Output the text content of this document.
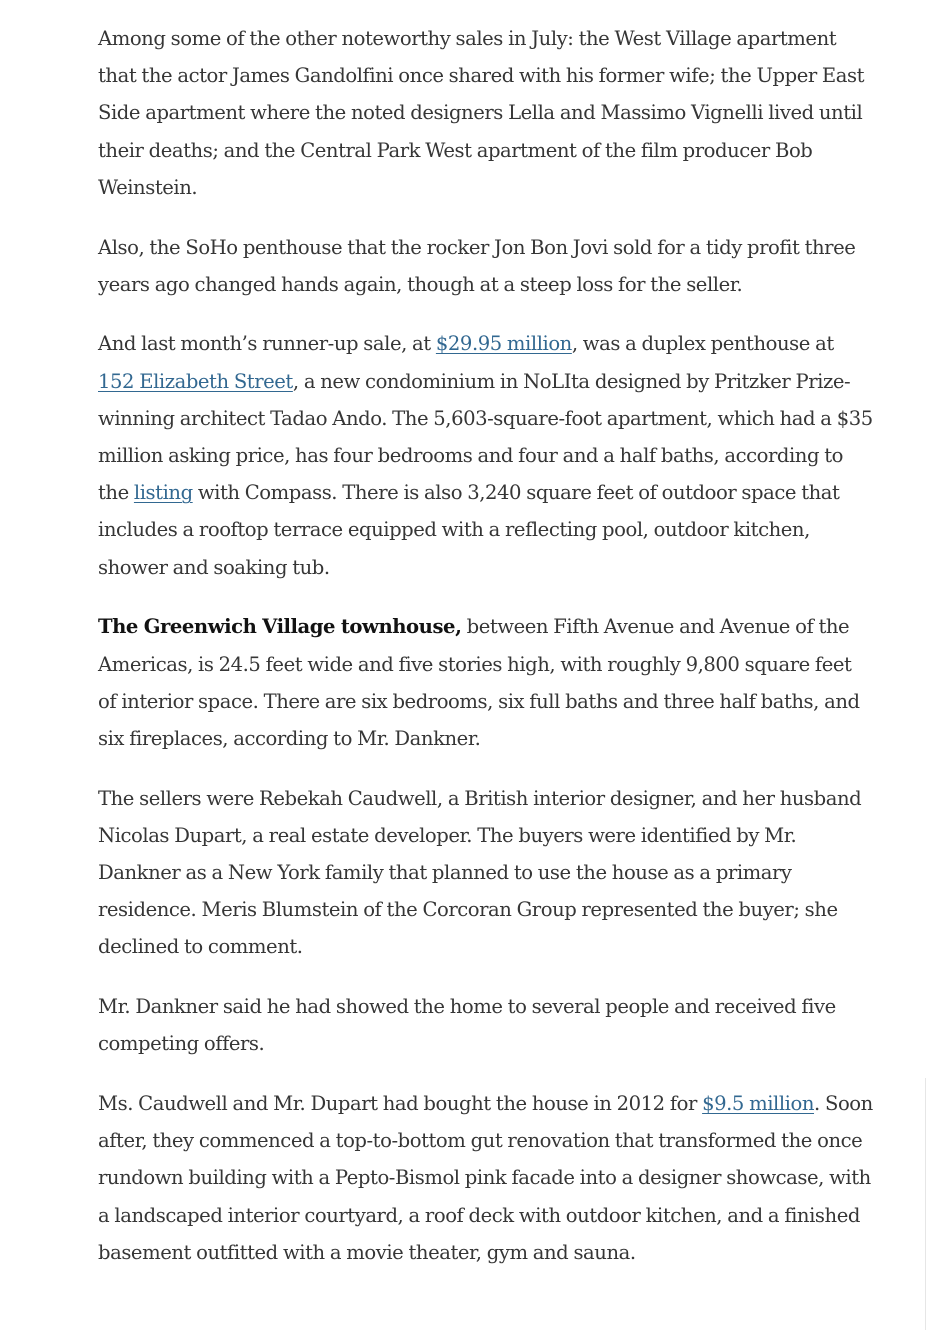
Among some of the other noteworthy sales in July: the West Village apartment that the actor James Gandolfini once shared with his former wife; the Upper East Side apartment where the noted designers Lella and Massimo Vignelli lived until their deaths; and the Central Park West apartment of the film producer Bob Weinstein.

Also, the SoHo penthouse that the rocker Jon Bon Jovi sold for a tidy profit three years ago changed hands again, though at a steep loss for the seller.

And last month’s runner-up sale, at $29.95 million, was a duplex penthouse at 152 Elizabeth Street, a new condominium in NoLIta designed by Pritzker Prize-winning architect Tadao Ando. The 5,603-square-foot apartment, which had a $35 million asking price, has four bedrooms and four and a half baths, according to the listing with Compass. There is also 3,240 square feet of outdoor space that includes a rooftop terrace equipped with a reflecting pool, outdoor kitchen, shower and soaking tub.

The Greenwich Village townhouse, between Fifth Avenue and Avenue of the Americas, is 24.5 feet wide and five stories high, with roughly 9,800 square feet of interior space. There are six bedrooms, six full baths and three half baths, and six fireplaces, according to Mr. Dankner.

The sellers were Rebekah Caudwell, a British interior designer, and her husband Nicolas Dupart, a real estate developer. The buyers were identified by Mr. Dankner as a New York family that planned to use the house as a primary residence. Meris Blumstein of the Corcoran Group represented the buyer; she declined to comment.

Mr. Dankner said he had showed the home to several people and received five competing offers.

Ms. Caudwell and Mr. Dupart had bought the house in 2012 for $9.5 million. Soon after, they commenced a top-to-bottom gut renovation that transformed the once rundown building with a Pepto-Bismol pink facade into a designer showcase, with a landscaped interior courtyard, a roof deck with outdoor kitchen, and a finished basement outfitted with a movie theater, gym and sauna.
